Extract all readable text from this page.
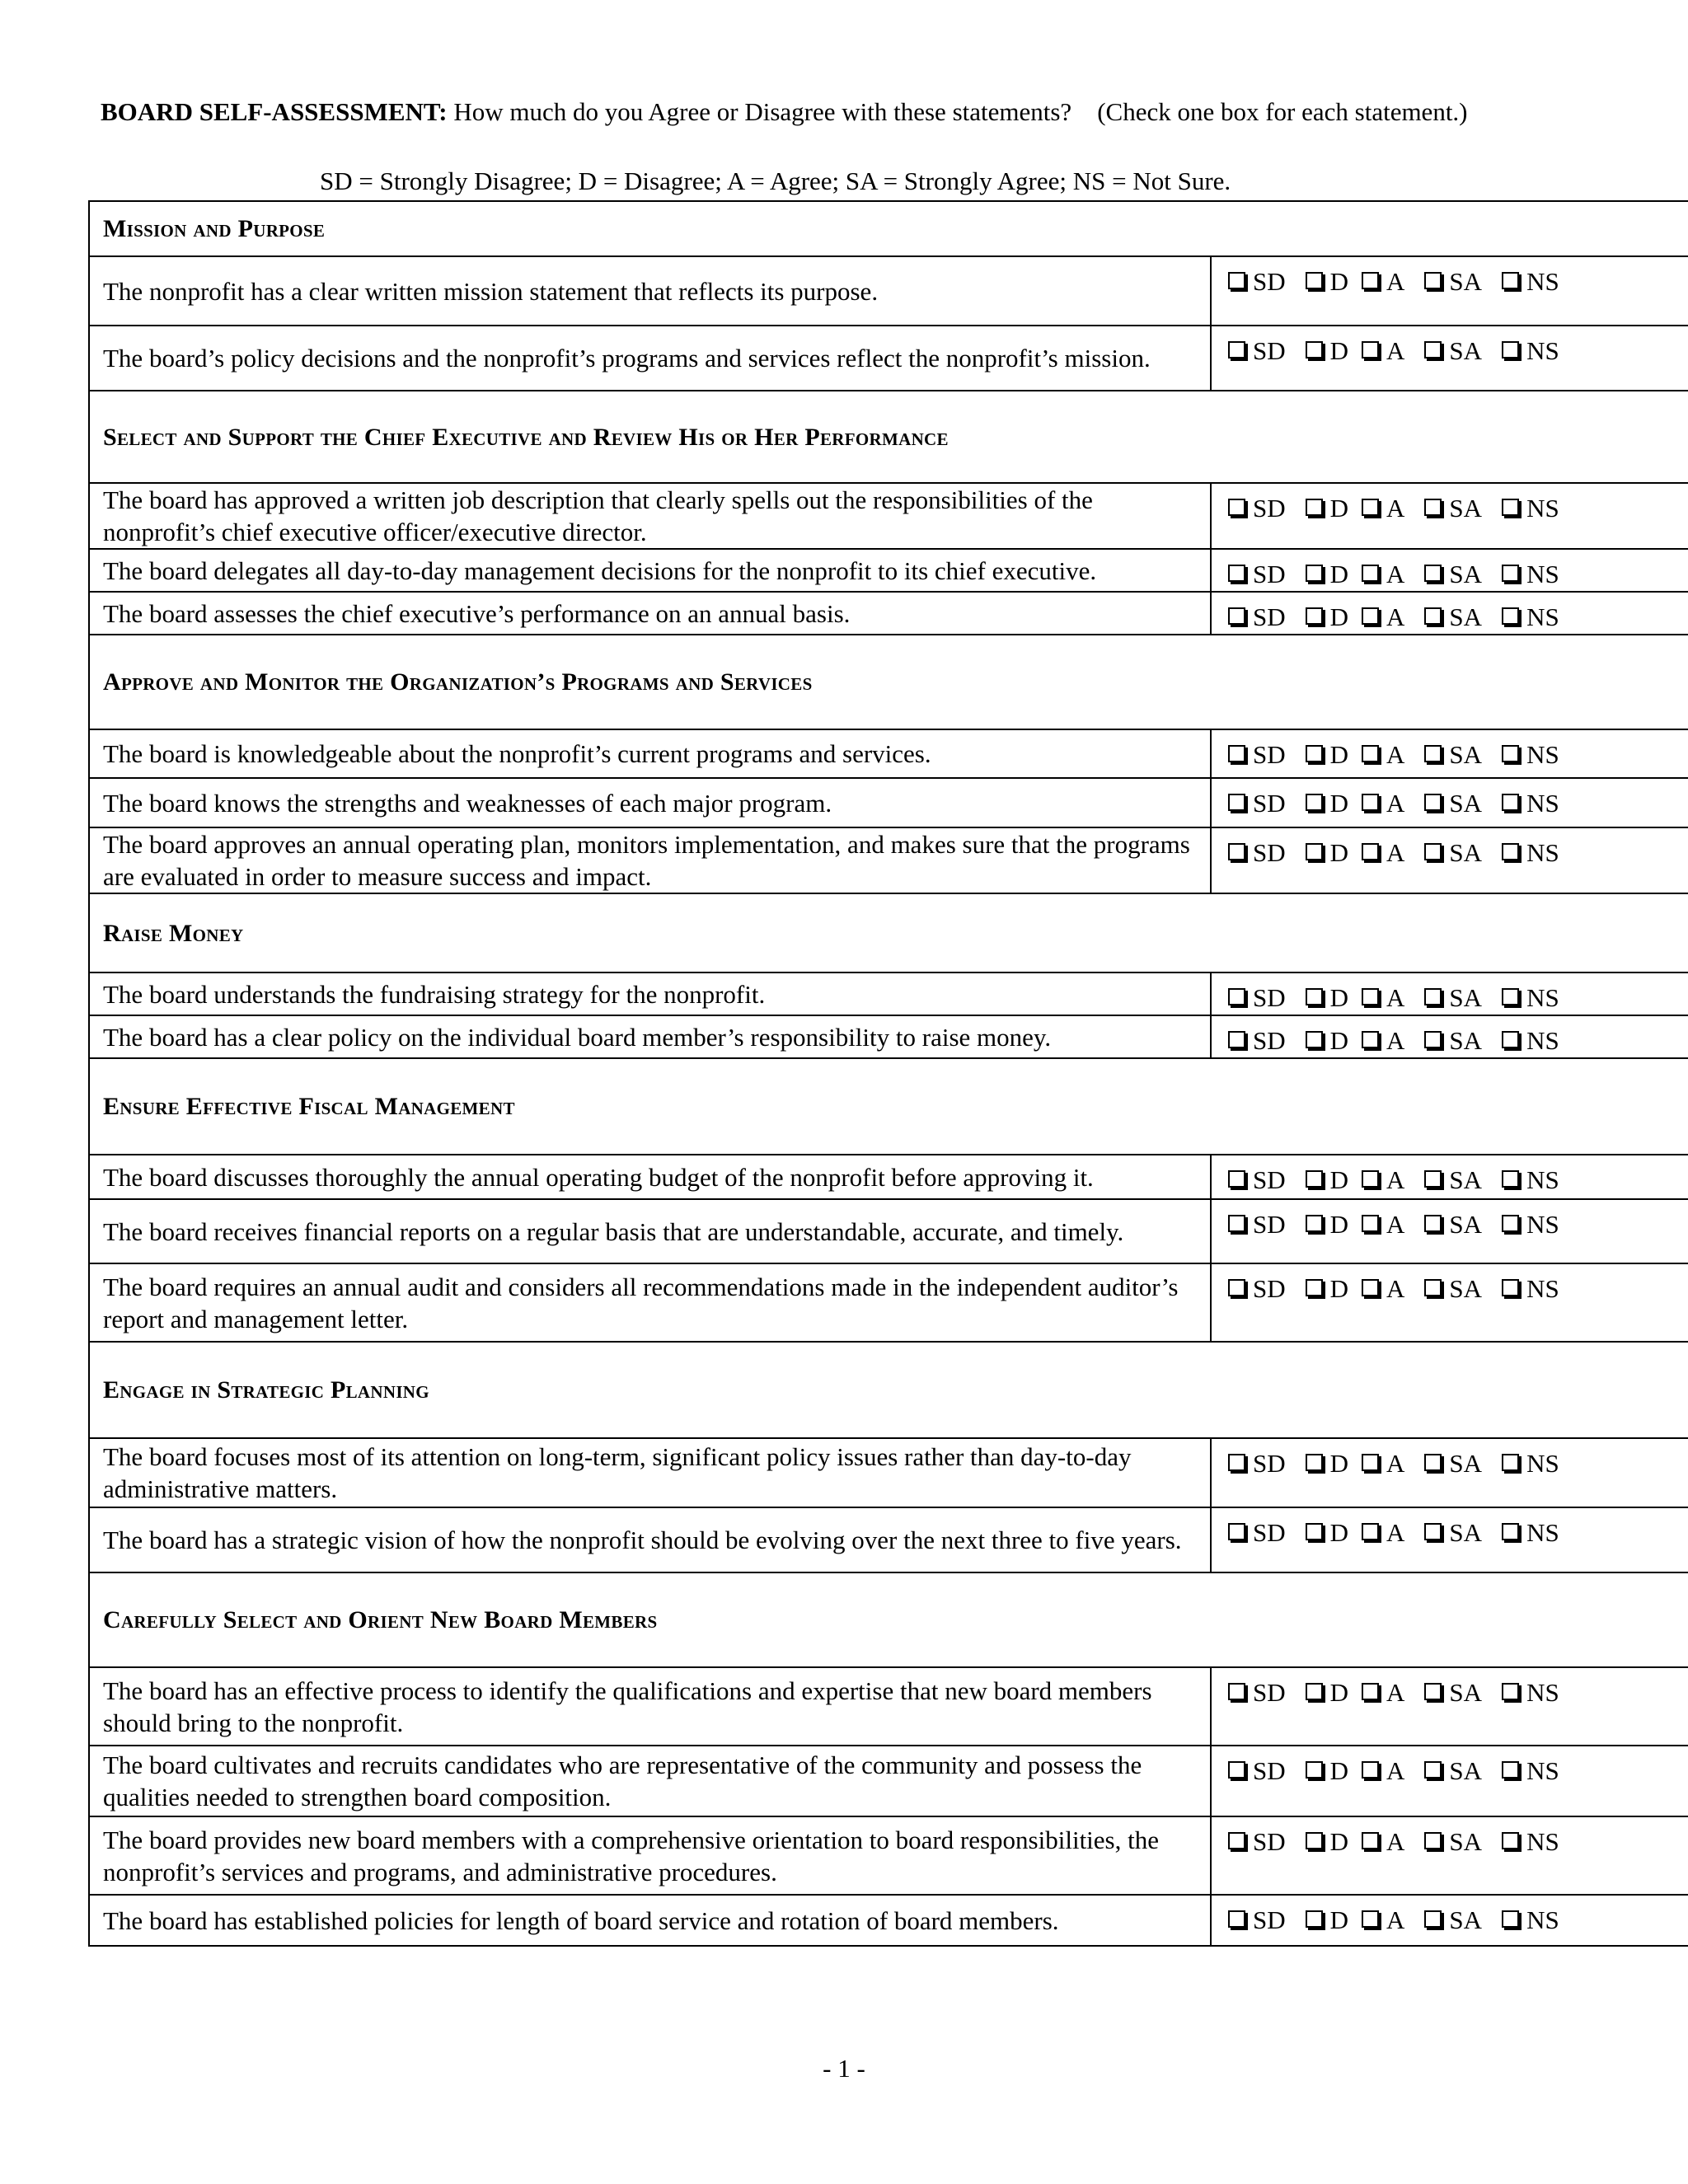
BOARD SELF-ASSESSMENT: How much do you Agree or Disagree with these statements? (Check one box for each statement.)
SD = Strongly Disagree; D = Disagree; A = Agree; SA = Strongly Agree; NS = Not Sure.
Mission and Purpose	
The nonprofit has a clear written mission statement that reflects its purpose.	SD D A SA NS
The board’s policy decisions and the nonprofit’s programs and services reflect the nonprofit’s mission.	SD D A SA NS
Select and Support the Chief Executive and Review His or Her Performance	
The board has approved a written job description that clearly spells out the responsibilities of the nonprofit’s chief executive officer/executive director.	SD D A SA NS
The board delegates all day-to-day management decisions for the nonprofit to its chief executive.	SD D A SA NS
The board assesses the chief executive’s performance on an annual basis.	SD D A SA NS
Approve and Monitor the Organization’s Programs and Services	
The board is knowledgeable about the nonprofit’s current programs and services.	SD D A SA NS
The board knows the strengths and weaknesses of each major program.	SD D A SA NS
The board approves an annual operating plan, monitors implementation, and makes sure that the programs are evaluated in order to measure success and impact.	SD D A SA NS
Raise Money	
The board understands the fundraising strategy for the nonprofit.	SD D A SA NS
The board has a clear policy on the individual board member’s responsibility to raise money.	SD D A SA NS
Ensure Effective Fiscal Management	
The board discusses thoroughly the annual operating budget of the nonprofit before approving it.	SD D A SA NS
The board receives financial reports on a regular basis that are understandable, accurate, and timely.	SD D A SA NS
The board requires an annual audit and considers all recommendations made in the independent auditor’s report and management letter.	SD D A SA NS
Engage in Strategic Planning	
The board focuses most of its attention on long-term, significant policy issues rather than day-to-day administrative matters.	SD D A SA NS
The board has a strategic vision of how the nonprofit should be evolving over the next three to five years.	SD D A SA NS
Carefully Select and Orient New Board Members	
The board has an effective process to identify the qualifications and expertise that new board members should bring to the nonprofit.	SD D A SA NS
The board cultivates and recruits candidates who are representative of the community and possess the qualities needed to strengthen board composition.	SD D A SA NS
The board provides new board members with a comprehensive orientation to board responsibilities, the nonprofit’s services and programs, and administrative procedures.	SD D A SA NS
The board has established policies for length of board service and rotation of board members.	SD D A SA NS
- 1 -
